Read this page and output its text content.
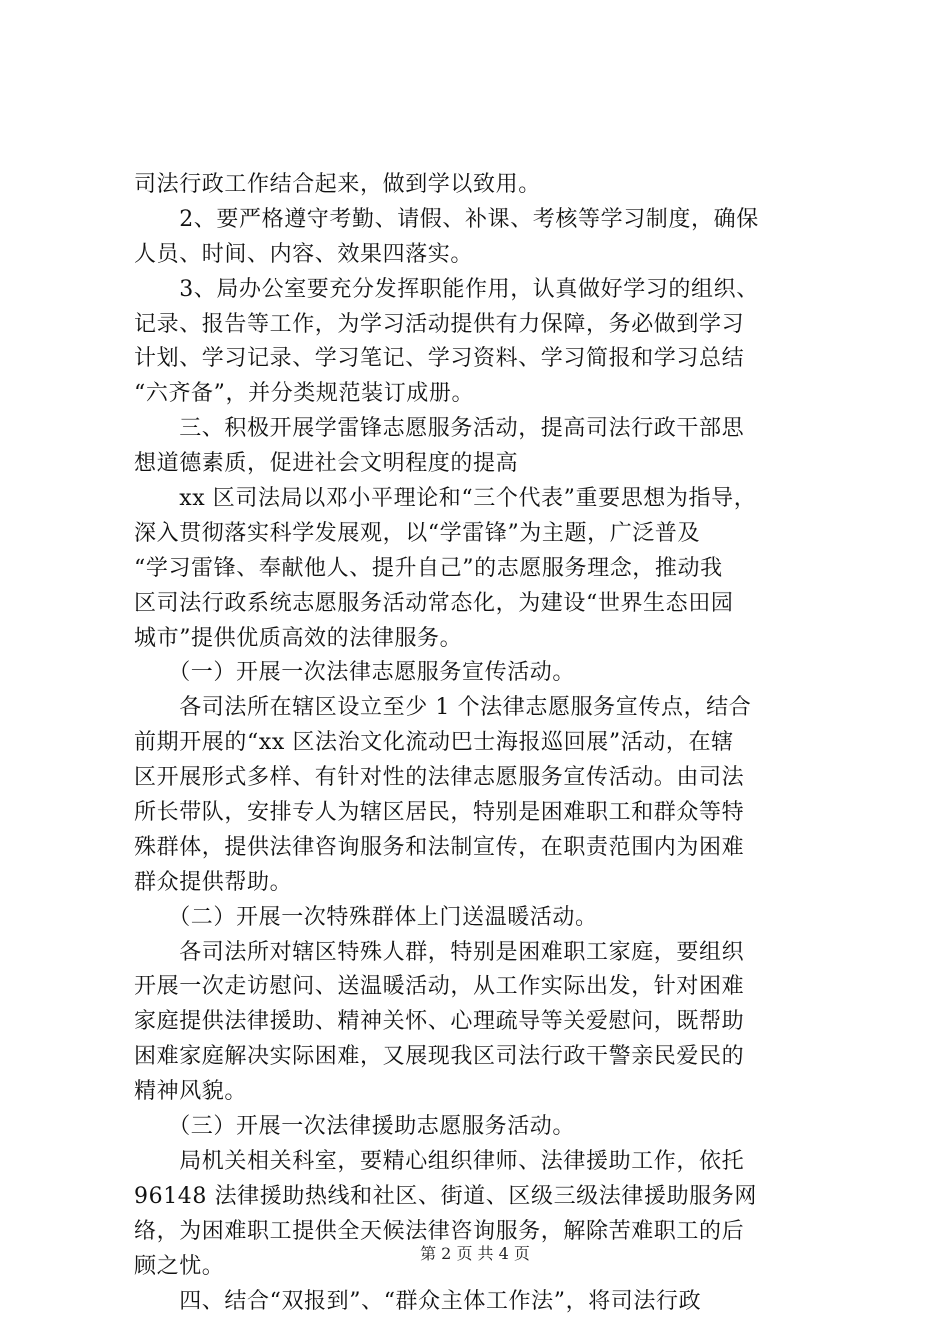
司法行政工作结合起来，做到学以致用。
　　2、要严格遵守考勤、请假、补课、考核等学习制度，确保
人员、时间、内容、效果四落实。
　　3、局办公室要充分发挥职能作用，认真做好学习的组织、
记录、报告等工作，为学习活动提供有力保障，务必做到学习
计划、学习记录、学习笔记、学习资料、学习简报和学习总结
“六齐备”，并分类规范装订成册。
　　三、积极开展学雷锋志愿服务活动，提高司法行政干部思
想道德素质，促进社会文明程度的提高
　　xx 区司法局以邓小平理论和“三个代表”重要思想为指导，
深入贯彻落实科学发展观，以“学雷锋”为主题，广泛普及
“学习雷锋、奉献他人、提升自己”的志愿服务理念，推动我
区司法行政系统志愿服务活动常态化，为建设“世界生态田园
城市”提供优质高效的法律服务。
　　（一）开展一次法律志愿服务宣传活动。
　　各司法所在辖区设立至少 1 个法律志愿服务宣传点，结合
前期开展的“xx 区法治文化流动巴士海报巡回展”活动，在辖
区开展形式多样、有针对性的法律志愿服务宣传活动。由司法
所长带队，安排专人为辖区居民，特别是困难职工和群众等特
殊群体，提供法律咨询服务和法制宣传，在职责范围内为困难
群众提供帮助。
　　（二）开展一次特殊群体上门送温暖活动。
　　各司法所对辖区特殊人群，特别是困难职工家庭，要组织
开展一次走访慰问、送温暖活动，从工作实际出发，针对困难
家庭提供法律援助、精神关怀、心理疏导等关爱慰问，既帮助
困难家庭解决实际困难，又展现我区司法行政干警亲民爱民的
精神风貌。
　　（三）开展一次法律援助志愿服务活动。
　　局机关相关科室，要精心组织律师、法律援助工作，依托
96148 法律援助热线和社区、街道、区级三级法律援助服务网
络，为困难职工提供全天候法律咨询服务，解除苦难职工的后
顾之忧。
　　四、结合“双报到”、“群众主体工作法”，将司法行政
第 2 页 共 4 页
